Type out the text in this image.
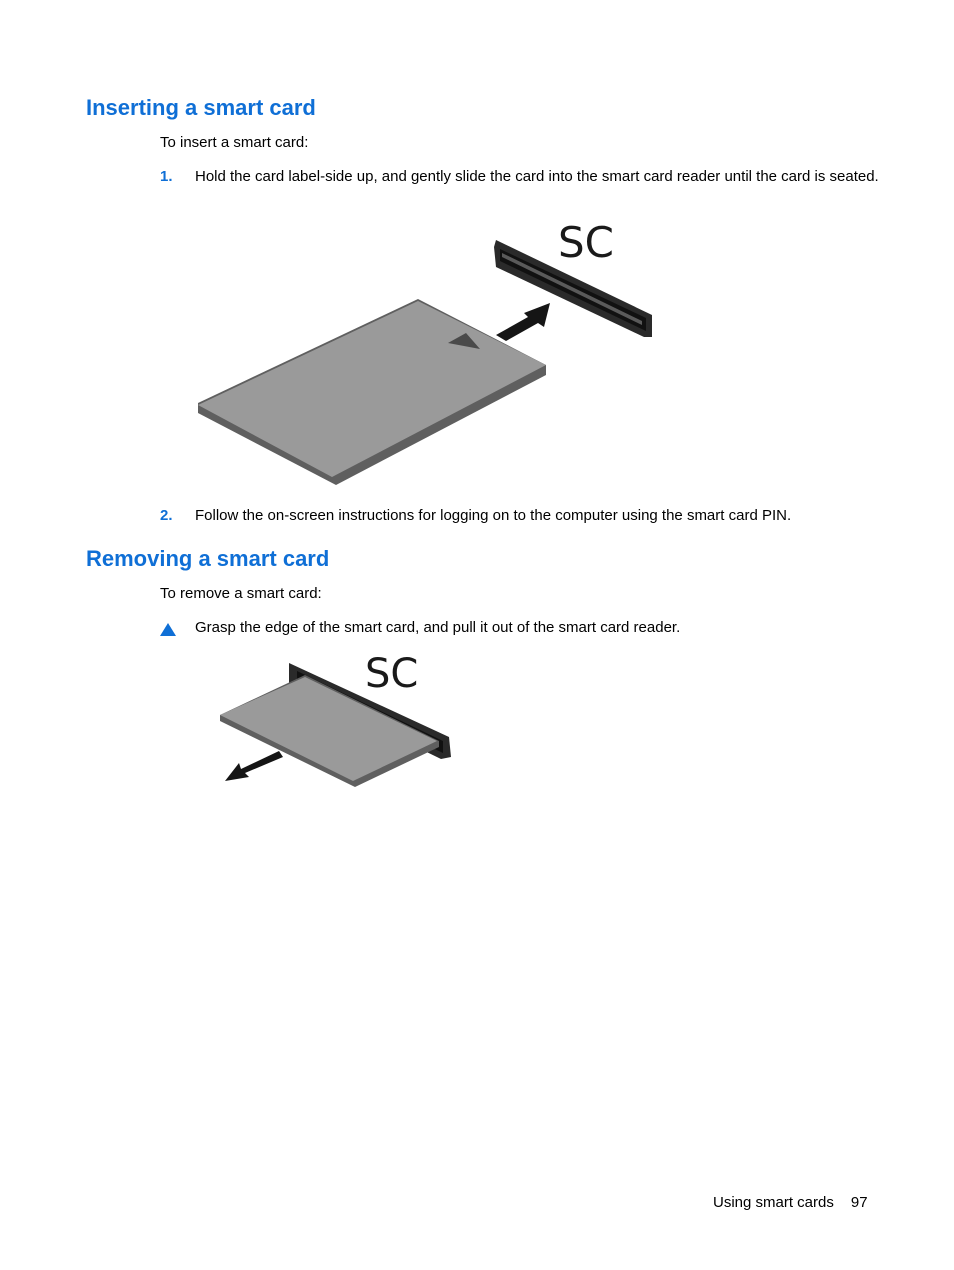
Inserting a smart card

To insert a smart card:

1. Hold the card label-side up, and gently slide the card into the smart card reader until the card is seated.
SC
2. Follow the on-screen instructions for logging on to the computer using the smart card PIN.
Removing a smart card

To remove a smart card:

Grasp the edge of the smart card, and pull it out of the smart card reader.
SC
Using smart cards 97
